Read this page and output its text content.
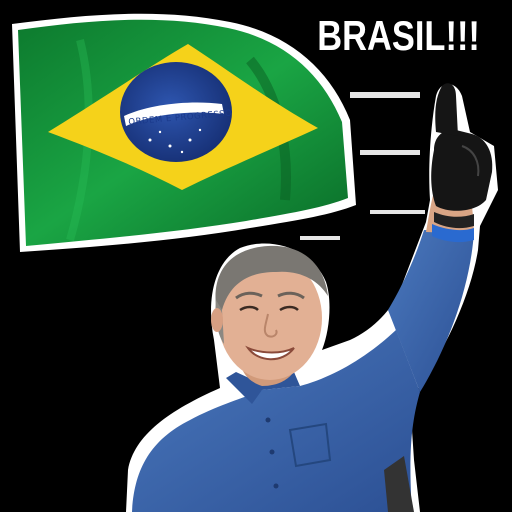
ORDEM E PROGRESSO
BRASIL!!!
